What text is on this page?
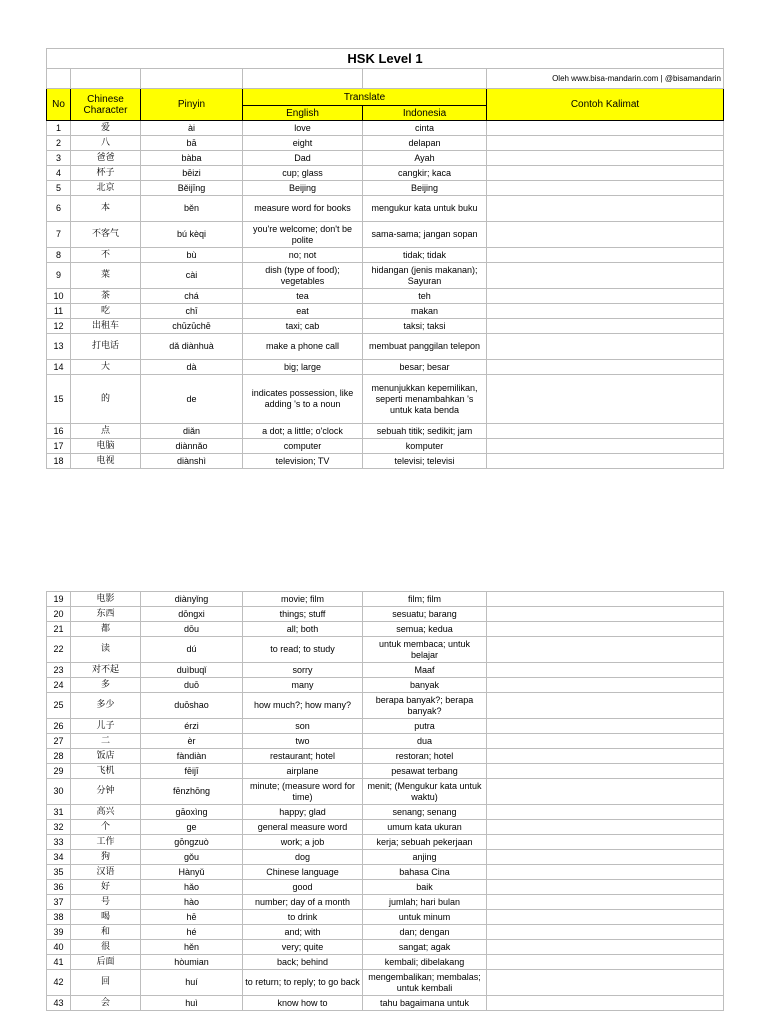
HSK Level 1					
					Oleh www.bisa-mandarin.com | @bisamandarin
No	Chinese Character	Pinyin	Translate		Contoh Kalimat
			English	Indonesia	
1	爱	ài	love	cinta	
2	八	bā	eight	delapan	
3	爸爸	bàba	Dad	Ayah	
4	杯子	bēizi	cup; glass	cangkir; kaca	
5	北京	Běijīng	Beijing	Beijing	
6	本	běn	measure word for books	mengukur kata untuk buku	
7	不客气	bú kèqi	you're welcome; don't be polite	sama-sama; jangan sopan	
8	不	bù	no; not	tidak; tidak	
9	菜	cài	dish (type of food); vegetables	hidangan (jenis makanan); Sayuran	
10	茶	chá	tea	teh	
11	吃	chī	eat	makan	
12	出租车	chūzūchē	taxi; cab	taksi; taksi	
13	打电话	dǎ diànhuà	make a phone call	membuat panggilan telepon	
14	大	dà	big; large	besar; besar	
15	的	de	indicates possession, like adding 's to a noun	menunjukkan kepemilikan, seperti menambahkan 's untuk kata benda	
16	点	diǎn	a dot; a little; o'clock	sebuah titik; sedikit; jam	
17	电脑	diànnǎo	computer	komputer	
18	电视	diànshì	television; TV	televisi; televisi	
19	电影	diànyǐng	movie; film	film; film	
20	东西	dōngxi	things; stuff	sesuatu; barang	
21	都	dōu	all; both	semua; kedua	
22	读	dú	to read; to study	untuk membaca; untuk belajar	
23	对不起	duìbuqǐ	sorry	Maaf	
24	多	duō	many	banyak	
25	多少	duōshao	how much?; how many?	berapa banyak?; berapa banyak?	
26	儿子	érzi	son	putra	
27	二	èr	two	dua	
28	饭店	fàndiàn	restaurant; hotel	restoran; hotel	
29	飞机	fēijī	airplane	pesawat terbang	
30	分钟	fēnzhōng	minute; (measure word for time)	menit; (Mengukur kata untuk waktu)	
31	高兴	gāoxìng	happy; glad	senang; senang	
32	个	ge	general measure word	umum kata ukuran	
33	工作	gōngzuò	work; a job	kerja; sebuah pekerjaan	
34	狗	gǒu	dog	anjing	
35	汉语	Hànyǔ	Chinese language	bahasa Cina	
36	好	hǎo	good	baik	
37	号	hào	number; day of a month	jumlah; hari bulan	
38	喝	hē	to drink	untuk minum	
39	和	hé	and; with	dan; dengan	
40	很	hěn	very; quite	sangat; agak	
41	后面	hòumian	back; behind	kembali; dibelakang	
42	回	huí	to return; to reply; to go back	mengembalikan; membalas; untuk kembali	
43	会	huì	know how to	tahu bagaimana untuk	
